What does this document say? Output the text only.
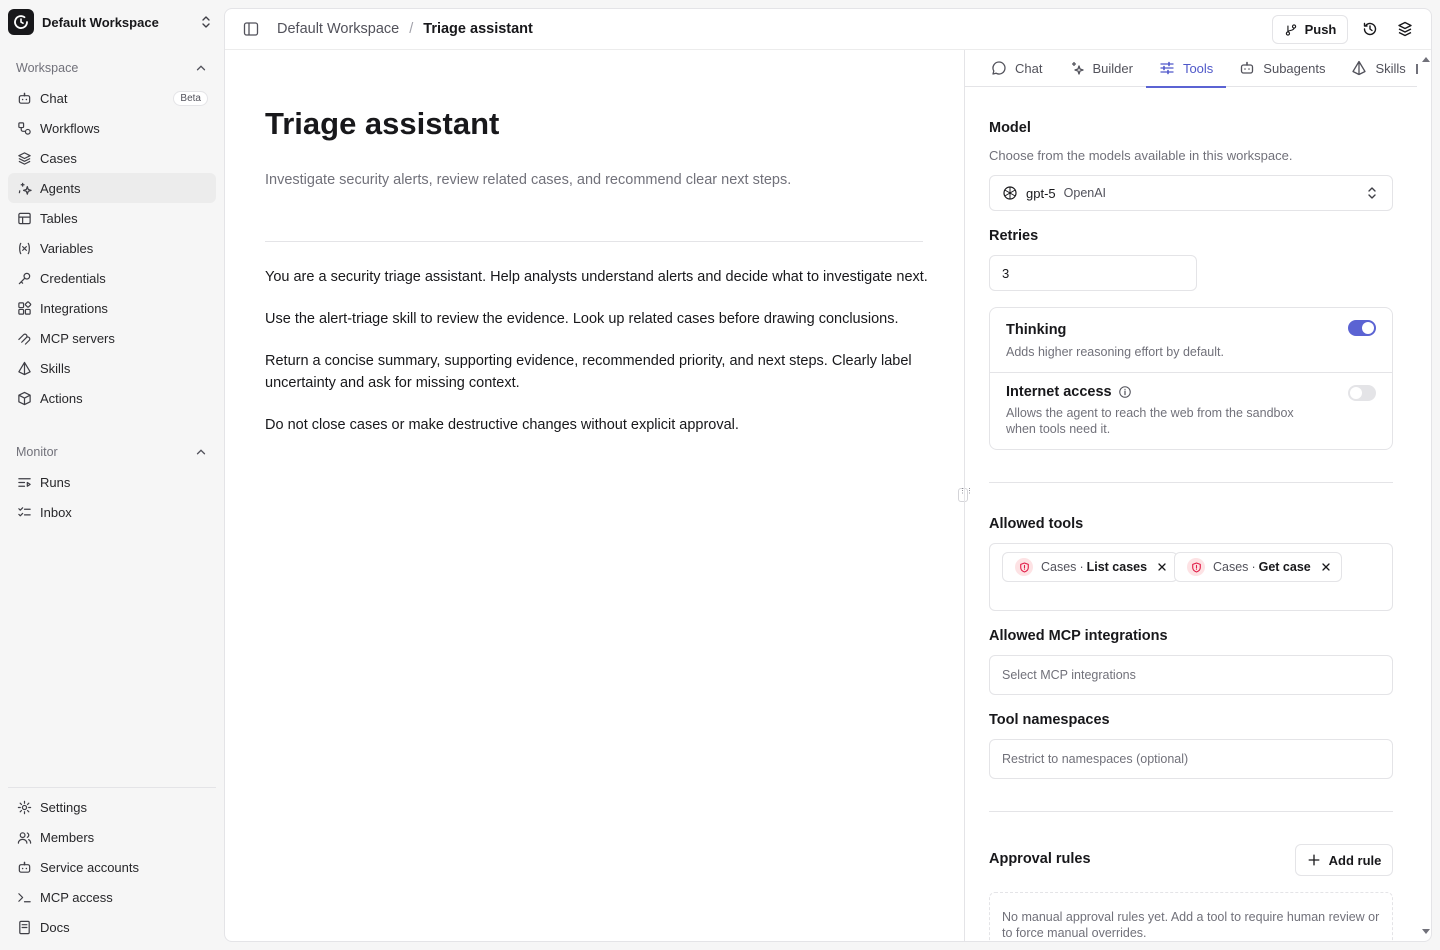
Default Workspace
Workspace
Chat	Beta
Workflows
Cases
Agents
Tables
Variables
Credentials
Integrations
MCP servers
Skills
Actions
Monitor
Runs
Inbox
Settings
Members
Service accounts
MCP access
Docs
Default Workspace / Triage assistant	Push
Triage assistant
Investigate security alerts, review related cases, and recommend clear next steps.

You are a security triage assistant. Help analysts understand alerts and decide what to investigate next.

Use the alert-triage skill to review the evidence. Look up related cases before drawing conclusions.

Return a concise summary, supporting evidence, recommended priority, and next steps. Clearly label uncertainty and ask for missing context.

Do not close cases or make destructive changes without explicit approval.

⋮⋮
Chat	Builder	Tools	Subagents	Skills
Model
Choose from the models available in this workspace.
gpt-5 OpenAI
Retries
3
Thinking
Adds higher reasoning effort by default.
Internet access
Allows the agent to reach the web from the sandbox when tools need it.
Allowed tools
Cases · List cases	Cases · Get case
Allowed MCP integrations
Select MCP integrations
Tool namespaces
Restrict to namespaces (optional)
Approval rules	Add rule
No manual approval rules yet. Add a tool to require human review or to force manual overrides.
